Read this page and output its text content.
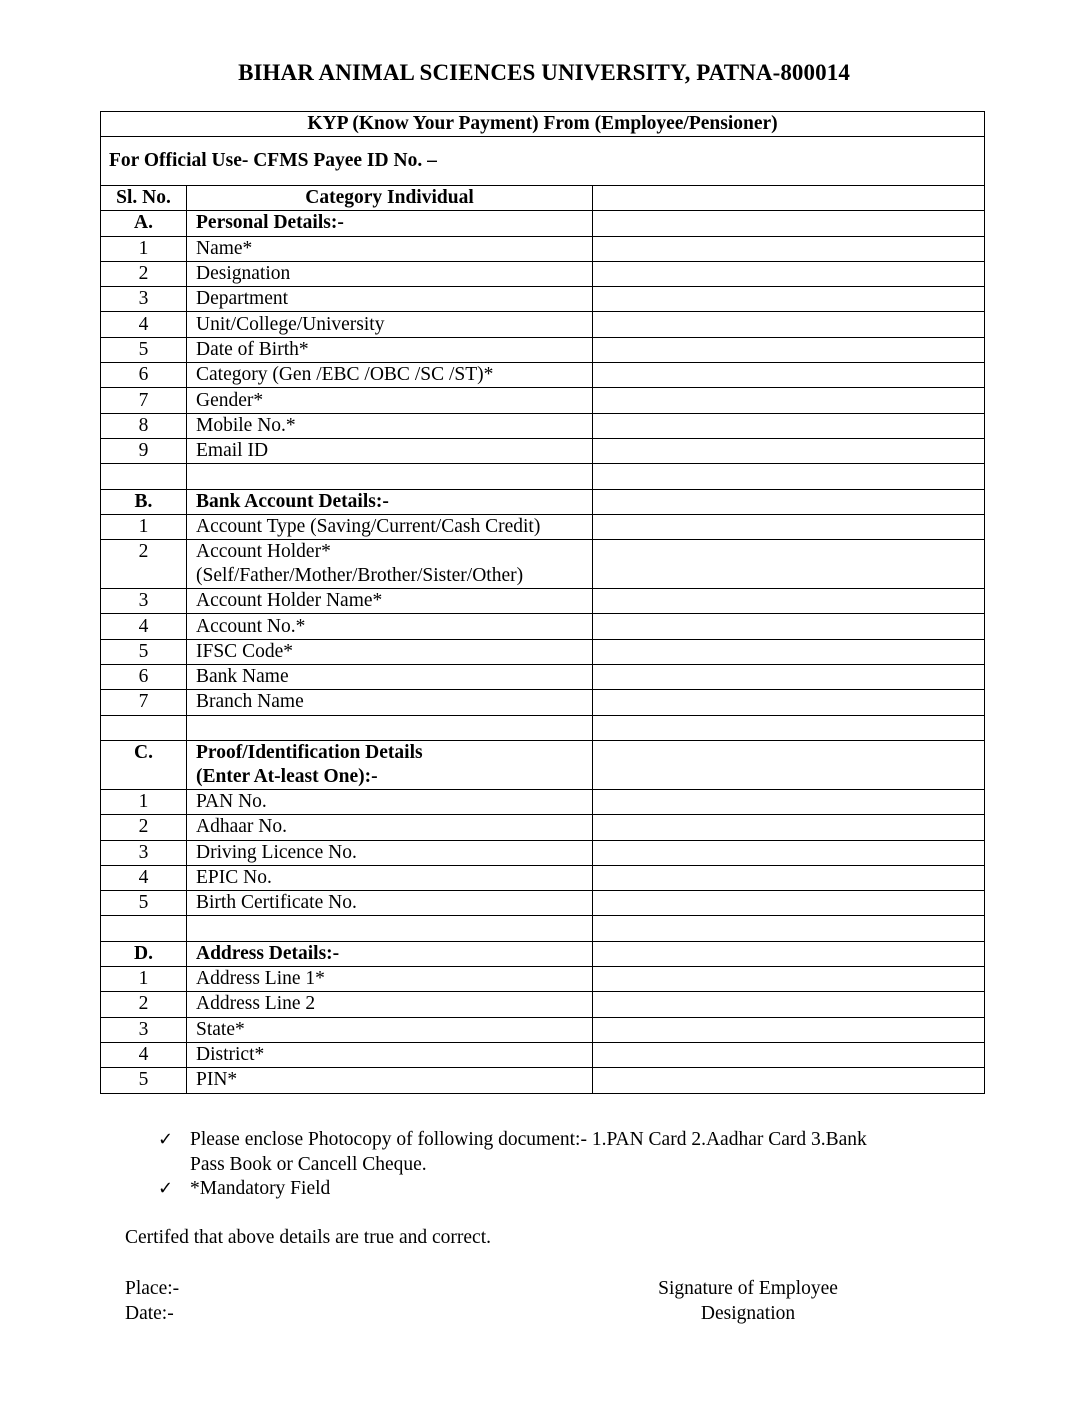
BIHAR ANIMAL SCIENCES UNIVERSITY, PATNA-800014
KYP (Know Your Payment) From (Employee/Pensioner)		
For Official Use- CFMS Payee ID No. –		
Sl. No.	Category Individual	
A.	Personal Details:-	

1	Name*	

2	Designation	

3	Department	

4	Unit/College/University	

5	Date of Birth*	

6	Category (Gen /EBC /OBC /SC /ST)*	

7	Gender*	

8	Mobile No.*	

9	Email ID	

B.	Bank Account Details:-	

1	Account Type (Saving/Current/Cash Credit)	

2	Account Holder*
(Self/Father/Mother/Brother/Sister/Other)	

3	Account Holder Name*	

4	Account No.*	

5	IFSC Code*	

6	Bank Name	

7	Branch Name	

C.	Proof/Identification Details
(Enter At-least One):-	

1	PAN No.	

2	Adhaar No.	

3	Driving Licence No.	

4	EPIC No.	

5	Birth Certificate No.	

D.	Address Details:-	

1	Address Line 1*	

2	Address Line 2	

3	State*	

4	District*	

5	PIN*	

✓ Please enclose Photocopy of following document:- 1.PAN Card 2.Aadhar Card 3.Bank
Pass Book or Cancell Cheque.
✓ *Mandatory Field
Certifed that above details are true and correct.
Place:-
Date:-
Signature of Employee
Designation
